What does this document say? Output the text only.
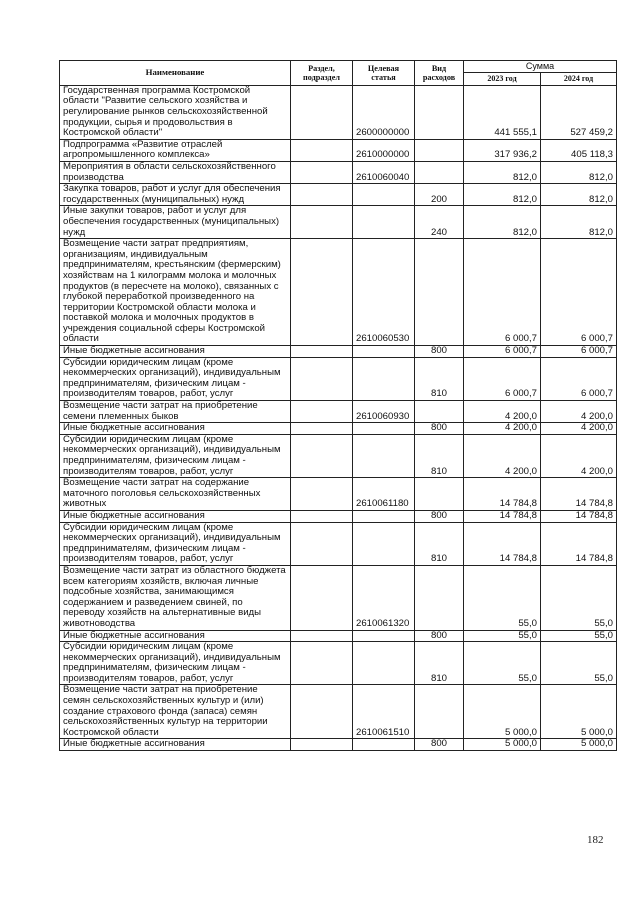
Наименование	Раздел, подраздел	Целевая статья	Вид расходов	Сумма	
				2023 год	2024 год
Государственная программа Костромской области "Развитие сельского хозяйства и регулирование рынков сельскохозяйственной продукции, сырья и продовольствия в Костромской области"		2600000000		441 555,1	527 459,2
Подпрограмма «Развитие отраслей агропромышленного комплекса»		2610000000		317 936,2	405 118,3
Мероприятия в области сельскохозяйственного производства		2610060040		812,0	812,0
Закупка товаров, работ и услуг для обеспечения государственных (муниципальных) нужд			200	812,0	812,0
Иные закупки товаров, работ и услуг для обеспечения государственных (муниципальных) нужд			240	812,0	812,0
Возмещение части затрат предприятиям, организациям, индивидуальным предпринимателям, крестьянским (фермерским) хозяйствам на 1 килограмм молока и молочных продуктов (в пересчете на молоко), связанных с глубокой переработкой произведенного на территории Костромской области молока и поставкой молока и молочных продуктов в учреждения социальной сферы Костромской области		2610060530		6 000,7	6 000,7
Иные бюджетные ассигнования			800	6 000,7	6 000,7
Субсидии юридическим лицам (кроме некоммерческих организаций), индивидуальным предпринимателям, физическим лицам - производителям товаров, работ, услуг			810	6 000,7	6 000,7
Возмещение части затрат на приобретение семени племенных быков		2610060930		4 200,0	4 200,0
Иные бюджетные ассигнования			800	4 200,0	4 200,0
Субсидии юридическим лицам (кроме некоммерческих организаций), индивидуальным предпринимателям, физическим лицам - производителям товаров, работ, услуг			810	4 200,0	4 200,0
Возмещение части затрат на содержание маточного поголовья сельскохозяйственных животных		2610061180		14 784,8	14 784,8
Иные бюджетные ассигнования			800	14 784,8	14 784,8
Субсидии юридическим лицам (кроме некоммерческих организаций), индивидуальным предпринимателям, физическим лицам - производителям товаров, работ, услуг			810	14 784,8	14 784,8
Возмещение части затрат из областного бюджета всем категориям хозяйств, включая личные подсобные хозяйства, занимающимся содержанием и разведением свиней, по переводу хозяйств на альтернативные виды животноводства		2610061320		55,0	55,0
Иные бюджетные ассигнования			800	55,0	55,0
Субсидии юридическим лицам (кроме некоммерческих организаций), индивидуальным предпринимателям, физическим лицам - производителям товаров, работ, услуг			810	55,0	55,0
Возмещение части затрат на приобретение семян сельскохозяйственных культур и (или) создание страхового фонда (запаса) семян сельскохозяйственных культур на территории Костромской области		2610061510		5 000,0	5 000,0
Иные бюджетные ассигнования			800	5 000,0	5 000,0
182
